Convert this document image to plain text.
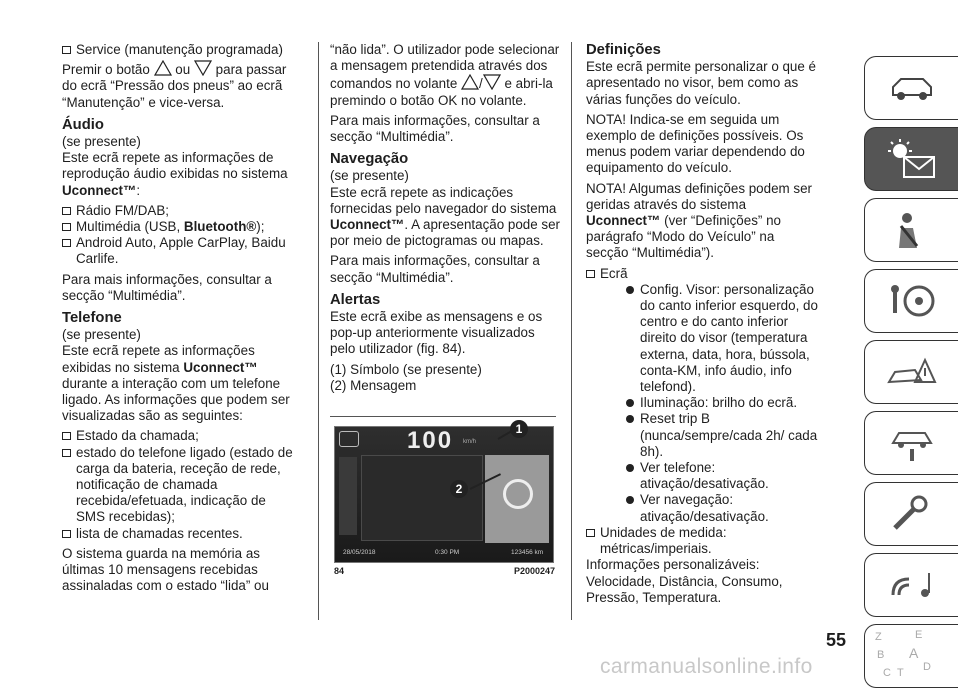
Service (manutenção programada)

Premir o botão ou para passar do ecrã “Pressão dos pneus” ao ecrã “Manutenção” e vice-versa.

Áudio

(se presente)

Este ecrã repete as informações de reprodução áudio exibidas no sistema Uconnect™:

Rádio FM/DAB;
Multimédia (USB, Bluetooth®);
Android Auto, Apple CarPlay, Baidu Carlife.

Para mais informações, consultar a secção “Multimédia”.

Telefone

(se presente)

Este ecrã repete as informações exibidas no sistema Uconnect™ durante a interação com um telefone ligado. As informações que podem ser visualizadas são as seguintes:

Estado da chamada;
estado do telefone ligado (estado de carga da bateria, receção de rede, notificação de chamada recebida/efetuada, indicação de SMS recebidas);
lista de chamadas recentes.

O sistema guarda na memória as últimas 10 mensagens recebidas assinaladas com o estado “lida” ou

“não lida”. O utilizador pode selecionar a mensagem pretendida através dos

comandos no volante / e abri-la premindo o botão OK no volante.

Para mais informações, consultar a secção “Multimédia”.

Navegação

(se presente)

Este ecrã repete as indicações fornecidas pelo navegador do sistema Uconnect™. A apresentação pode ser por meio de pictogramas ou mapas.

Para mais informações, consultar a secção “Multimédia”.

Alertas

Este ecrã exibe as mensagens e os pop-up anteriormente visualizados pelo utilizador (fig. 84).

(1) Símbolo (se presente)

(2) Mensagem

100 km/h
28/05/2018	0:30 PM	123456 km
1
2
84	P2000247
Definições

Este ecrã permite personalizar o que é apresentado no visor, bem como as várias funções do veículo.

NOTA! Indica-se em seguida um exemplo de definições possíveis. Os menus podem variar dependendo do equipamento do veículo.

NOTA! Algumas definições podem ser geridas através do sistema Uconnect™ (ver “Definições” no parágrafo “Modo do Veículo” na secção “Multimédia”).

Ecrã
Config. Visor: personalização do canto inferior esquerdo, do centro e do canto inferior direito do visor (temperatura externa, data, hora, bússola, conta-KM, info áudio, info telefond).
Iluminação: brilho do ecrã.
Reset trip B (nunca/sempre/cada 2h/ cada 8h).
Ver telefone: ativação/desativação.
Ver navegação: ativação/desativação.
Unidades de medida: métricas/imperiais.

Informações personalizáveis: Velocidade, Distância, Consumo, Pressão, Temperatura.

Z	E
B A
C T D
55
carmanualsonline.info
